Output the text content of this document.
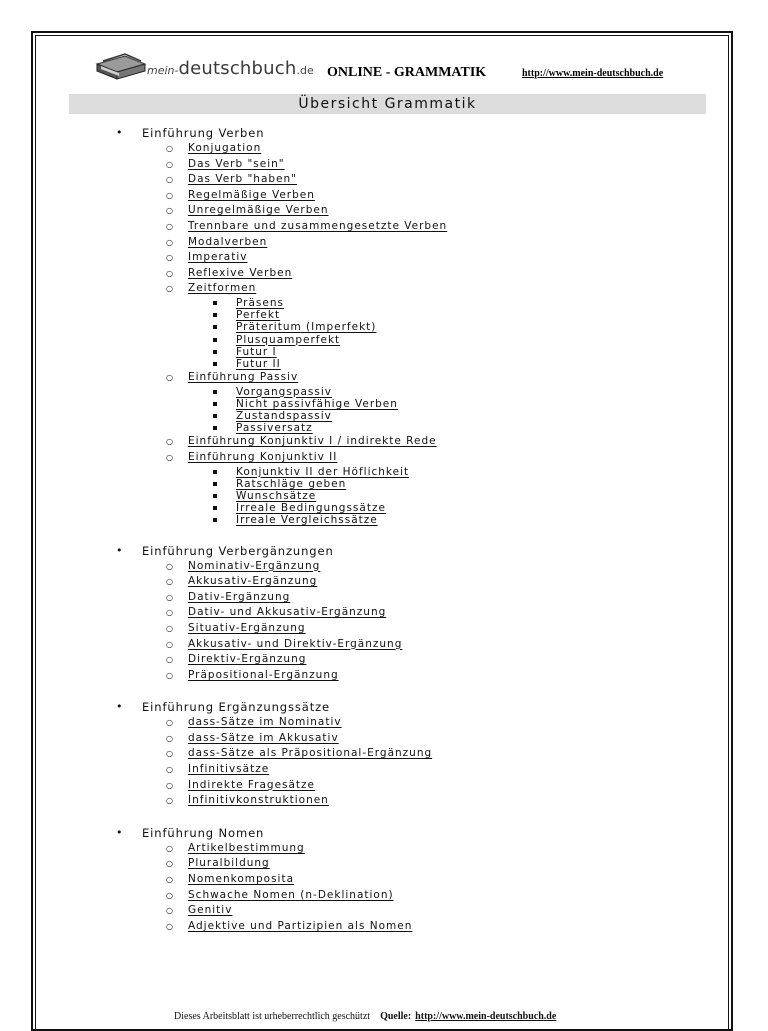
mein-deutschbuch.de ONLINE - GRAMMATIK	http://www.mein-deutschbuch.de
Übersicht Grammatik
• Einführung Verben
○ Konjugation
○ Das Verb "sein"
○ Das Verb "haben"
○ Regelmäßige Verben
○ Unregelmäßige Verben
○ Trennbare und zusammengesetzte Verben
○ Modalverben
○ Imperativ
○ Reflexive Verben
○ Zeitformen
Präsens
Perfekt
Präteritum (Imperfekt)
Plusquamperfekt
Futur I
Futur II
○ Einführung Passiv
Vorgangspassiv
Nicht passivfähige Verben
Zustandspassiv
Passiversatz
○ Einführung Konjunktiv I / indirekte Rede
○ Einführung Konjunktiv II
Konjunktiv II der Höflichkeit
Ratschläge geben
Wunschsätze
Irreale Bedingungssätze
Irreale Vergleichssätze
• Einführung Verbergänzungen
○ Nominativ-Ergänzung
○ Akkusativ-Ergänzung
○ Dativ-Ergänzung
○ Dativ- und Akkusativ-Ergänzung
○ Situativ-Ergänzung
○ Akkusativ- und Direktiv-Ergänzung
○ Direktiv-Ergänzung
○ Präpositional-Ergänzung
• Einführung Ergänzungssätze
○ dass-Sätze im Nominativ
○ dass-Sätze im Akkusativ
○ dass-Sätze als Präpositional-Ergänzung
○ Infinitivsätze
○ Indirekte Fragesätze
○ Infinitivkonstruktionen
• Einführung Nomen
○ Artikelbestimmung
○ Pluralbildung
○ Nomenkomposita
○ Schwache Nomen (n-Deklination)
○ Genitiv
○ Adjektive und Partizipien als Nomen
Dieses Arbeitsblatt ist urheberrechtlich geschützt Quelle: http://www.mein-deutschbuch.de
